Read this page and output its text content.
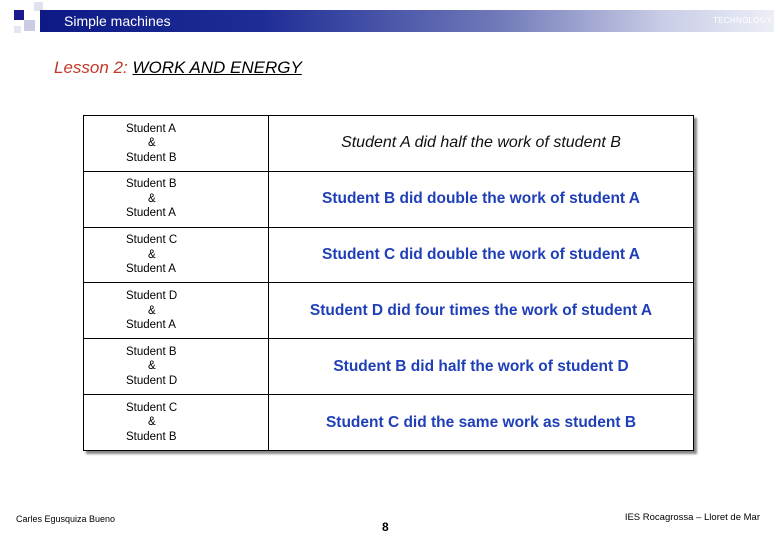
Simple machines	TECHNOLOGY
Lesson 2: WORK AND ENERGY
Student A
&
Student B	Student A did half the work of student B

Student B
&
Student A	Student B did double the work of student A

Student C
&
Student A	Student C did double the work of student A

Student D
&
Student A	Student D did four times the work of student A

Student B
&
Student D	Student B did half the work of student D

Student C
&
Student B	Student C did the same work as student B
Carles Egusquiza Bueno
8
IES Rocagrossa – Lloret de Mar
